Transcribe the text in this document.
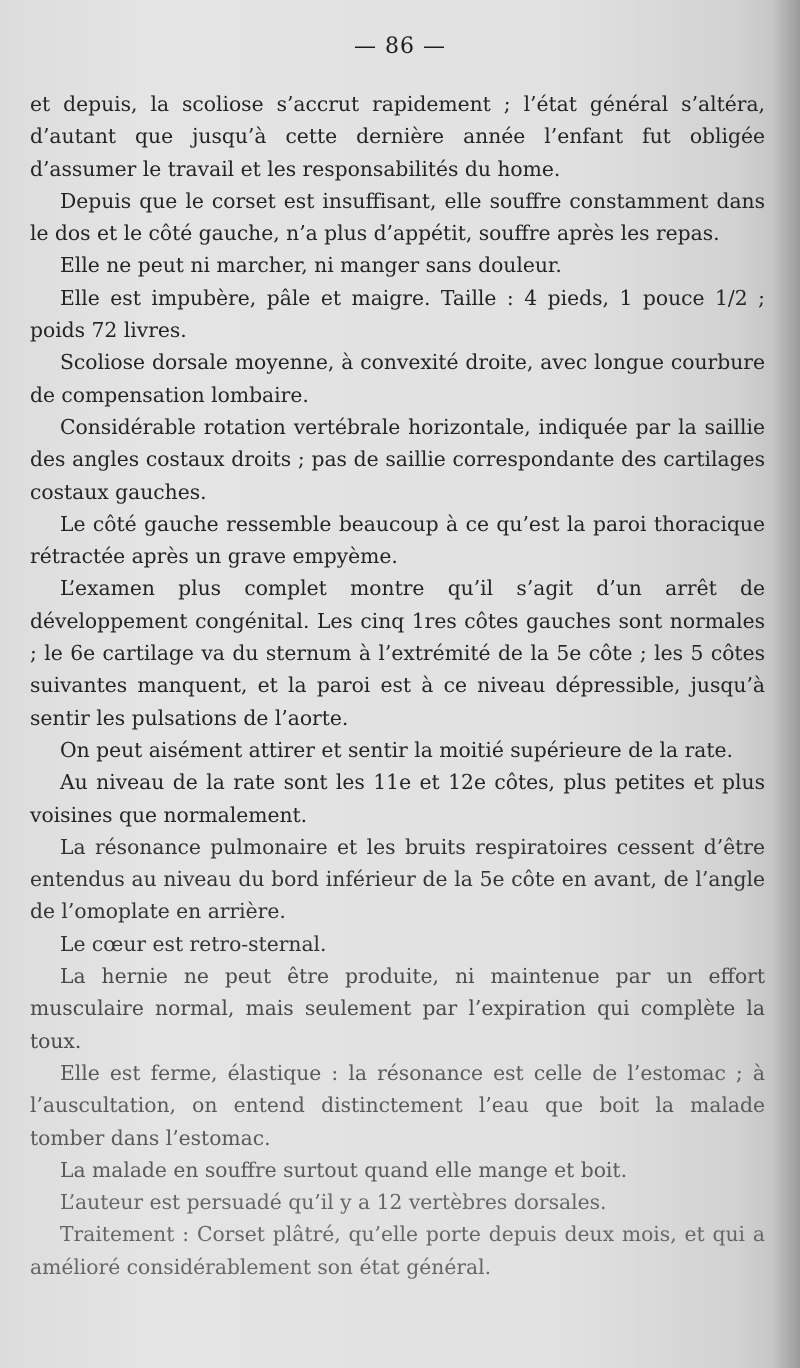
— 86 —

et depuis, la scoliose s’accrut rapidement ; l’état général s’altéra, d’autant que jusqu’à cette dernière année l’enfant fut obligée d’assumer le travail et les responsabilités du home.

Depuis que le corset est insuffisant, elle souffre constamment dans le dos et le côté gauche, n’a plus d’appétit, souffre après les repas.

Elle ne peut ni marcher, ni manger sans douleur.

Elle est impubère, pâle et maigre. Taille : 4 pieds, 1 pouce 1/2 ; poids 72 livres.

Scoliose dorsale moyenne, à convexité droite, avec longue courbure de compensation lombaire.

Considérable rotation vertébrale horizontale, indiquée par la saillie des angles costaux droits ; pas de saillie correspondante des cartilages costaux gauches.

Le côté gauche ressemble beaucoup à ce qu’est la paroi thoracique rétractée après un grave empyème.

L’examen plus complet montre qu’il s’agit d’un arrêt de développement congénital. Les cinq 1res côtes gauches sont normales ; le 6e cartilage va du sternum à l’extrémité de la 5e côte ; les 5 côtes suivantes manquent, et la paroi est à ce niveau dépressible, jusqu’à sentir les pulsations de l’aorte.

On peut aisément attirer et sentir la moitié supérieure de la rate.

Au niveau de la rate sont les 11e et 12e côtes, plus petites et plus voisines que normalement.

La résonance pulmonaire et les bruits respiratoires cessent d’être entendus au niveau du bord inférieur de la 5e côte en avant, de l’angle de l’omoplate en arrière.

Le cœur est retro-sternal.

La hernie ne peut être produite, ni maintenue par un effort musculaire normal, mais seulement par l’expiration qui complète la toux.

Elle est ferme, élastique : la résonance est celle de l’estomac ; à l’auscultation, on entend distinctement l’eau que boit la malade tomber dans l’estomac.

La malade en souffre surtout quand elle mange et boit.

L’auteur est persuadé qu’il y a 12 vertèbres dorsales.

Traitement : Corset plâtré, qu’elle porte depuis deux mois, et qui a amélioré considérablement son état général.
